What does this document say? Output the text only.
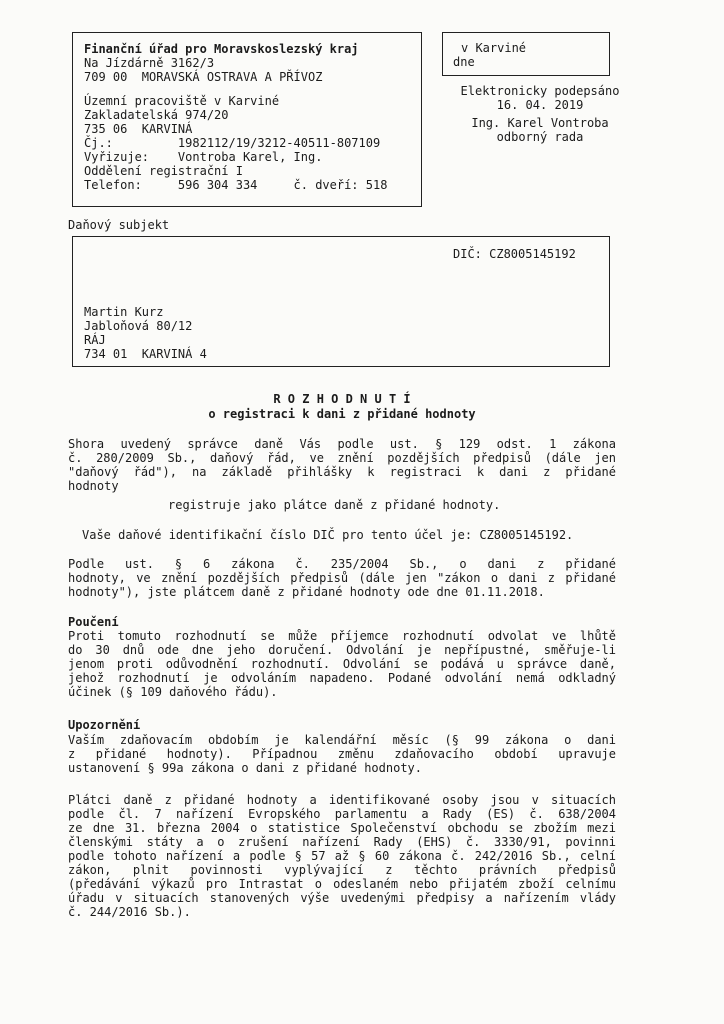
Finanční úřad pro Moravskoslezský kraj
Na Jízdárně 3162/3
709 00  MORAVSKÁ OSTRAVA A PŘÍVOZ
Územní pracoviště v Karviné
Zakladatelská 974/20
735 06  KARVINÁ
Čj.:         1982112/19/3212-40511-807109
Vyřizuje:    Vontroba Karel, Ing.
Oddělení registrační I
Telefon:     596 304 334     č. dveří: 518
v Karviné
dne
Elektronicky podepsáno
16. 04. 2019
Ing. Karel Vontroba
odborný rada
Daňový subjekt
DIČ: CZ8005145192
Martin Kurz
Jabloňová 80/12
RÁJ
734 01  KARVINÁ 4
R O Z H O D N U T Í
o registraci k dani z přidané hodnoty
Shora uvedený správce daně Vás podle ust. § 129 odst. 1 zákona
č. 280/2009 Sb., daňový řád, ve znění pozdějších předpisů (dále jen
"daňový řád"), na základě přihlášky k registraci k dani z přidané
hodnoty
registruje jako plátce daně z přidané hodnoty.
Vaše daňové identifikační číslo DIČ pro tento účel je: CZ8005145192.
Podle ust. § 6 zákona č. 235/2004 Sb., o dani z přidané
hodnoty, ve znění pozdějších předpisů (dále jen "zákon o dani z přidané
hodnoty"), jste plátcem daně z přidané hodnoty ode dne 01.11.2018.
Poučení
Proti tomuto rozhodnutí se může příjemce rozhodnutí odvolat ve lhůtě
do 30 dnů ode dne jeho doručení. Odvolání je nepřípustné, směřuje-li
jenom proti odůvodnění rozhodnutí. Odvolání se podává u správce daně,
jehož rozhodnutí je odvoláním napadeno. Podané odvolání nemá odkladný
účinek (§ 109 daňového řádu).
Upozornění
Vaším zdaňovacím obdobím je kalendářní měsíc (§ 99 zákona o dani
z přidané hodnoty). Případnou změnu zdaňovacího období upravuje
ustanovení § 99a zákona o dani z přidané hodnoty.
Plátci daně z přidané hodnoty a identifikované osoby jsou v situacích
podle čl. 7 nařízení Evropského parlamentu a Rady (ES) č. 638/2004
ze dne 31. března 2004 o statistice Společenství obchodu se zbožím mezi
členskými státy a o zrušení nařízení Rady (EHS) č. 3330/91, povinni
podle tohoto nařízení a podle § 57 až § 60 zákona č. 242/2016 Sb., celní
zákon, plnit povinnosti vyplývající z těchto právních předpisů
(předávání výkazů pro Intrastat o odeslaném nebo přijatém zboží celnímu
úřadu v situacích stanovených výše uvedenými předpisy a nařízením vlády
č. 244/2016 Sb.).
